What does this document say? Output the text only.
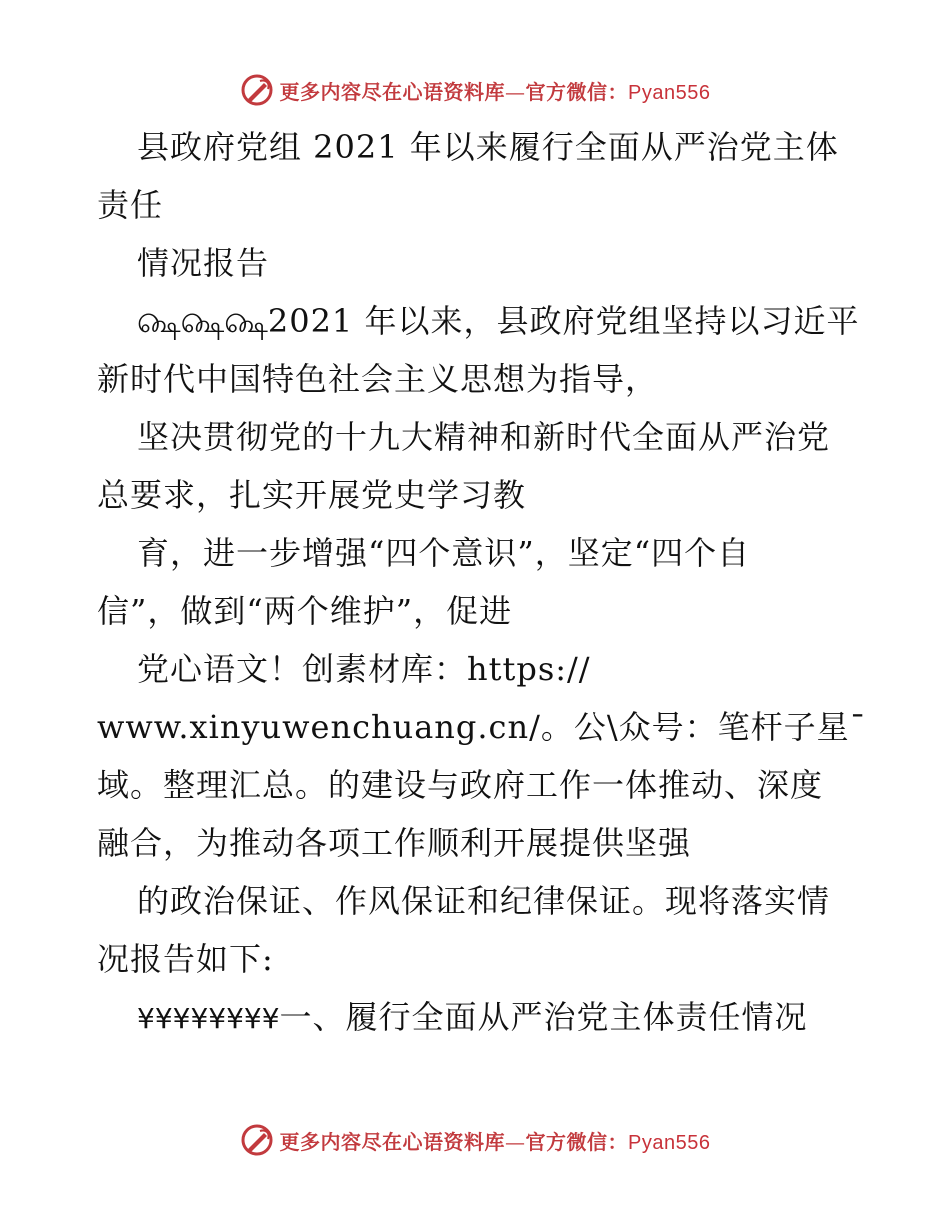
更多内容尽在心语资料库—官方微信：Pyan556
县政府党组 2021 年以来履行全面从严治党主体
责任
情况报告
௸௸௸2021 年以来，县政府党组坚持以习近平
新时代中国特色社会主义思想为指导，
坚决贯彻党的十九大精神和新时代全面从严治党
总要求，扎实开展党史学习教
育，进一步增强“四个意识”，坚定“四个自
信”，做到“两个维护”，促进
党心语文！创素材库：https://
www.xinyuwenchuang.cn/。公\众号：笔杆子星¯
域。整理汇总。的建设与政府工作一体推动、深度
融合，为推动各项工作顺利开展提供坚强
的政治保证、作风保证和纪律保证。现将落实情
况报告如下:
¥¥¥¥¥¥¥¥一、履行全面从严治党主体责任情况
更多内容尽在心语资料库—官方微信：Pyan556
